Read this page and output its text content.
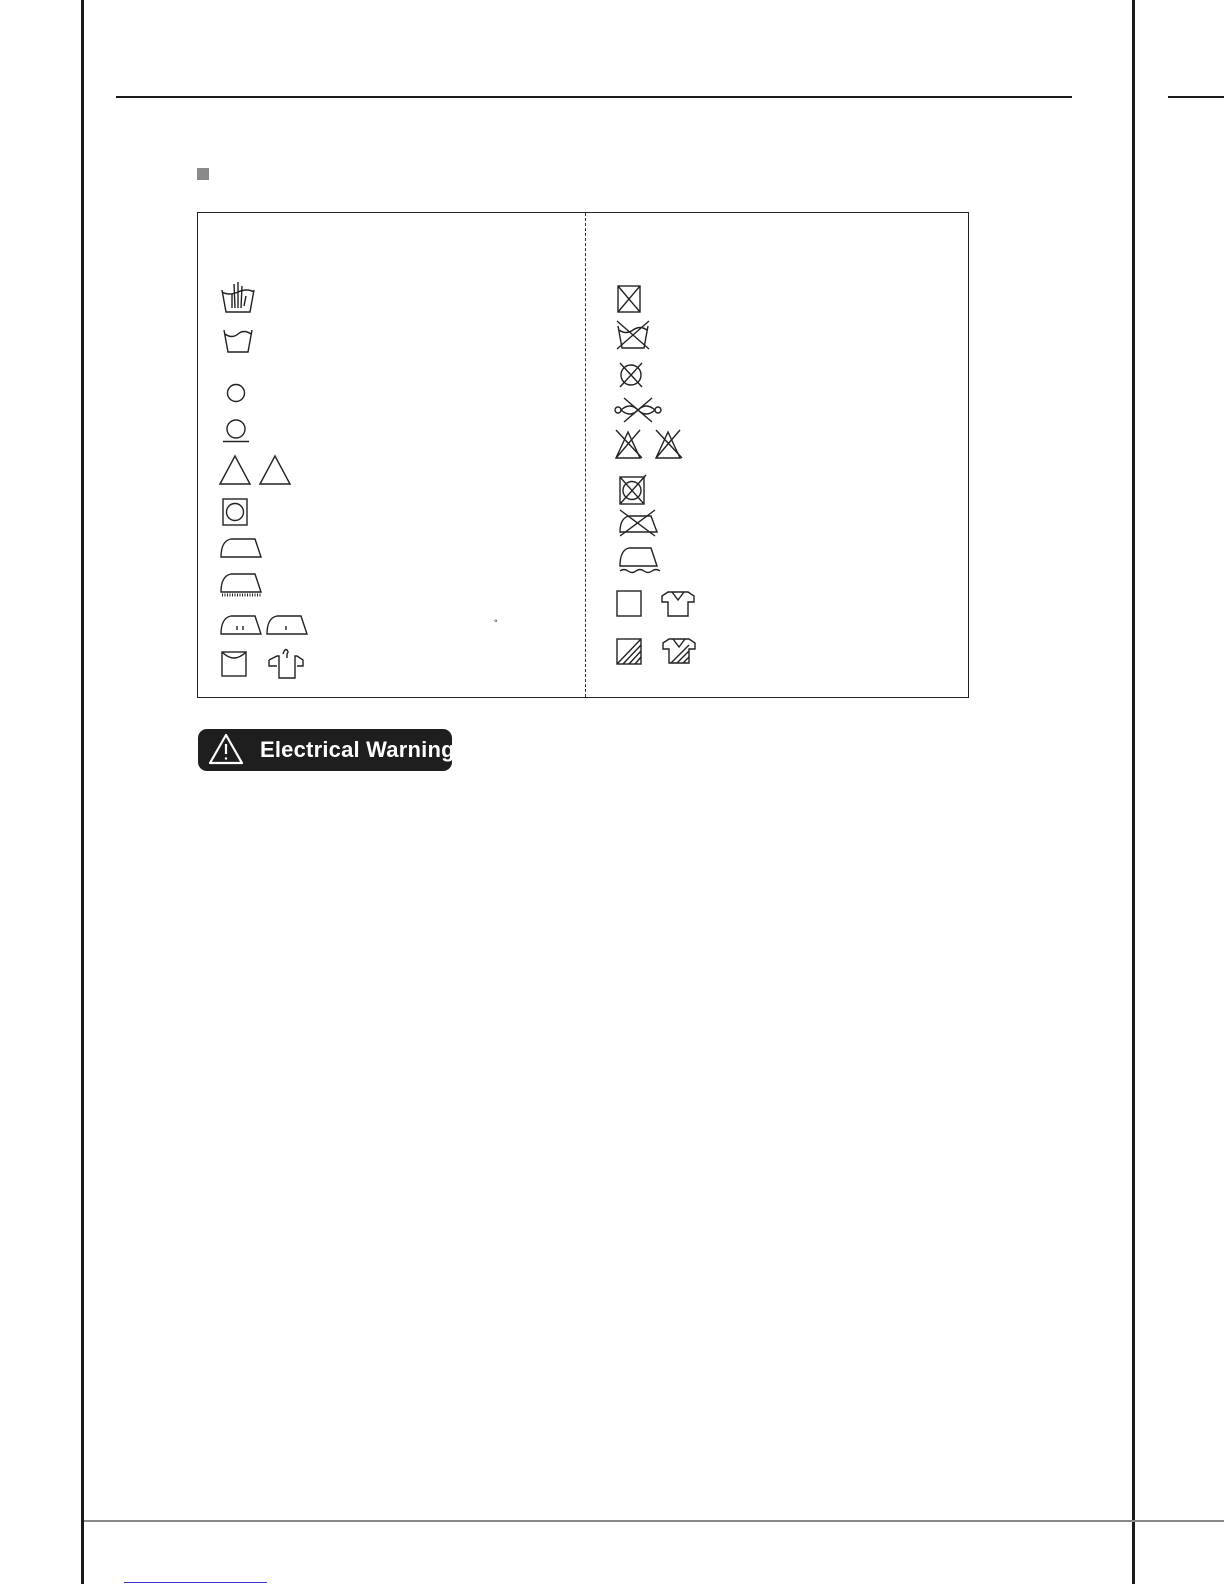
°
Electrical Warning
